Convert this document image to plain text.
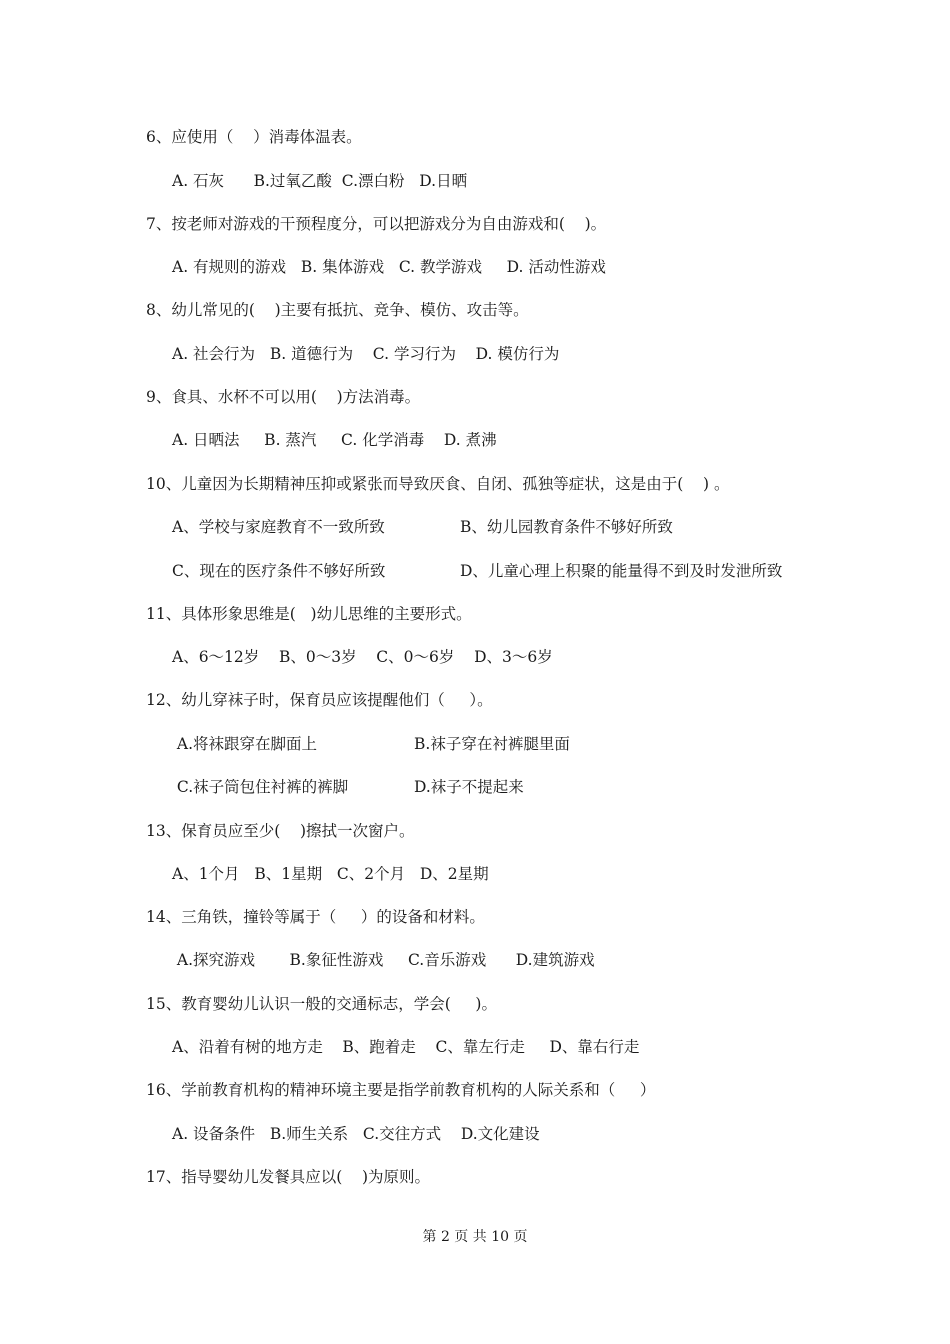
6、应使用（    ）消毒体温表。
A. 石灰      B.过氧乙酸  C.漂白粉   D.日晒
7、按老师对游戏的干预程度分，可以把游戏分为自由游戏和(    )。
A. 有规则的游戏   B. 集体游戏   C. 教学游戏     D. 活动性游戏
8、幼儿常见的(    )主要有抵抗、竞争、模仿、攻击等。
A. 社会行为   B. 道德行为    C. 学习行为    D. 模仿行为
9、食具、水杯不可以用(    )方法消毒。
A. 日晒法     B. 蒸汽     C. 化学消毒    D. 煮沸
10、儿童因为长期精神压抑或紧张而导致厌食、自闭、孤独等症状，这是由于(    ) 。
A、学校与家庭教育不一致所致	B、幼儿园教育条件不够好所致
C、现在的医疗条件不够好所致	D、儿童心理上积聚的能量得不到及时发泄所致
11、具体形象思维是(   )幼儿思维的主要形式。
A、6～12岁    B、0～3岁    C、0～6岁    D、3～6岁
12、幼儿穿袜子时，保育员应该提醒他们（     ）。
A.将袜跟穿在脚面上	B.袜子穿在衬裤腿里面
C.袜子筒包住衬裤的裤脚	D.袜子不提起来
13、保育员应至少(    )擦拭一次窗户。
A、1个月   B、1星期   C、2个月   D、2星期
14、三角铁，撞铃等属于（     ）的设备和材料。
A.探究游戏       B.象征性游戏     C.音乐游戏      D.建筑游戏
15、教育婴幼儿认识一般的交通标志，学会(     )。
A、沿着有树的地方走    B、跑着走    C、靠左行走     D、靠右行走
16、学前教育机构的精神环境主要是指学前教育机构的人际关系和（     ）
A. 设备条件   B.师生关系   C.交往方式    D.文化建设
17、指导婴幼儿发餐具应以(    )为原则。
第 2 页 共 10 页
